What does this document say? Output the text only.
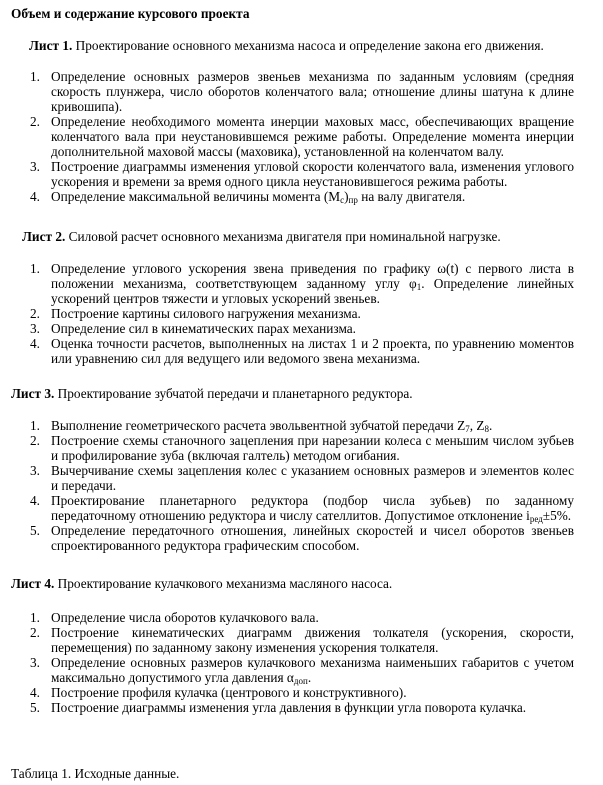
Объем и содержание курсового проекта
Лист 1. Проектирование основного механизма насоса и определение закона его движения.
1. Определение основных размеров звеньев механизма по заданным условиям (средняя скорость плунжера, число оборотов коленчатого вала; отношение длины шатуна к длине кривошипа).
2. Определение необходимого момента инерции маховых масс, обеспечивающих вращение коленчатого вала при неустановившемся режиме работы. Определение момента инерции дополнительной маховой массы (маховика), установленной на коленчатом валу.
3. Построение диаграммы изменения угловой скорости коленчатого вала, изменения углового ускорения и времени за время одного цикла неустановившегося режима работы.
4. Определение максимальной величины момента $(М_с)_{пр}$ на валу двигателя.
Лист 2. Силовой расчет основного механизма двигателя при номинальной нагрузке.
1. Определение углового ускорения звена приведения по графику ω(t) с первого листа в положении механизма, соответствующем заданному углу $\varphi_1$. Определение линейных ускорений центров тяжести и угловых ускорений звеньев.
2. Построение картины силового нагружения механизма.
3. Определение сил в кинематических парах механизма.
4. Оценка точности расчетов, выполненных на листах 1 и 2 проекта, по уравнению моментов или уравнению сил для ведущего или ведомого звена механизма.
Лист 3. Проектирование зубчатой передачи и планетарного редуктора.
1. Выполнение геометрического расчета эвольвентной зубчатой передачи $Z_7$, $Z_8$.
2. Построение схемы станочного зацепления при нарезании колеса с меньшим числом зубьев и профилирование зуба (включая галтель) методом огибания.
3. Вычерчивание схемы зацепления колес с указанием основных размеров и элементов колес и передачи.
4. Проектирование планетарного редуктора (подбор числа зубьев) по заданному передаточному отношению редуктора и числу сателлитов. Допустимое отклонение $i_{ред}\pm 5\%$.
5. Определение передаточного отношения, линейных скоростей и чисел оборотов звеньев спроектированного редуктора графическим способом.
Лист 4. Проектирование кулачкового механизма масляного насоса.
1. Определение числа оборотов кулачкового вала.
2. Построение кинематических диаграмм движения толкателя (ускорения, скорости, перемещения) по заданному закону изменения ускорения толкателя.
3. Определение основных размеров кулачкового механизма наименьших габаритов с учетом максимально допустимого угла давления $\alpha_{доп}$.
4. Построение профиля кулачка (центрового и конструктивного).
5. Построение диаграммы изменения угла давления в функции угла поворота кулачка.
Таблица 1. Исходные данные.
